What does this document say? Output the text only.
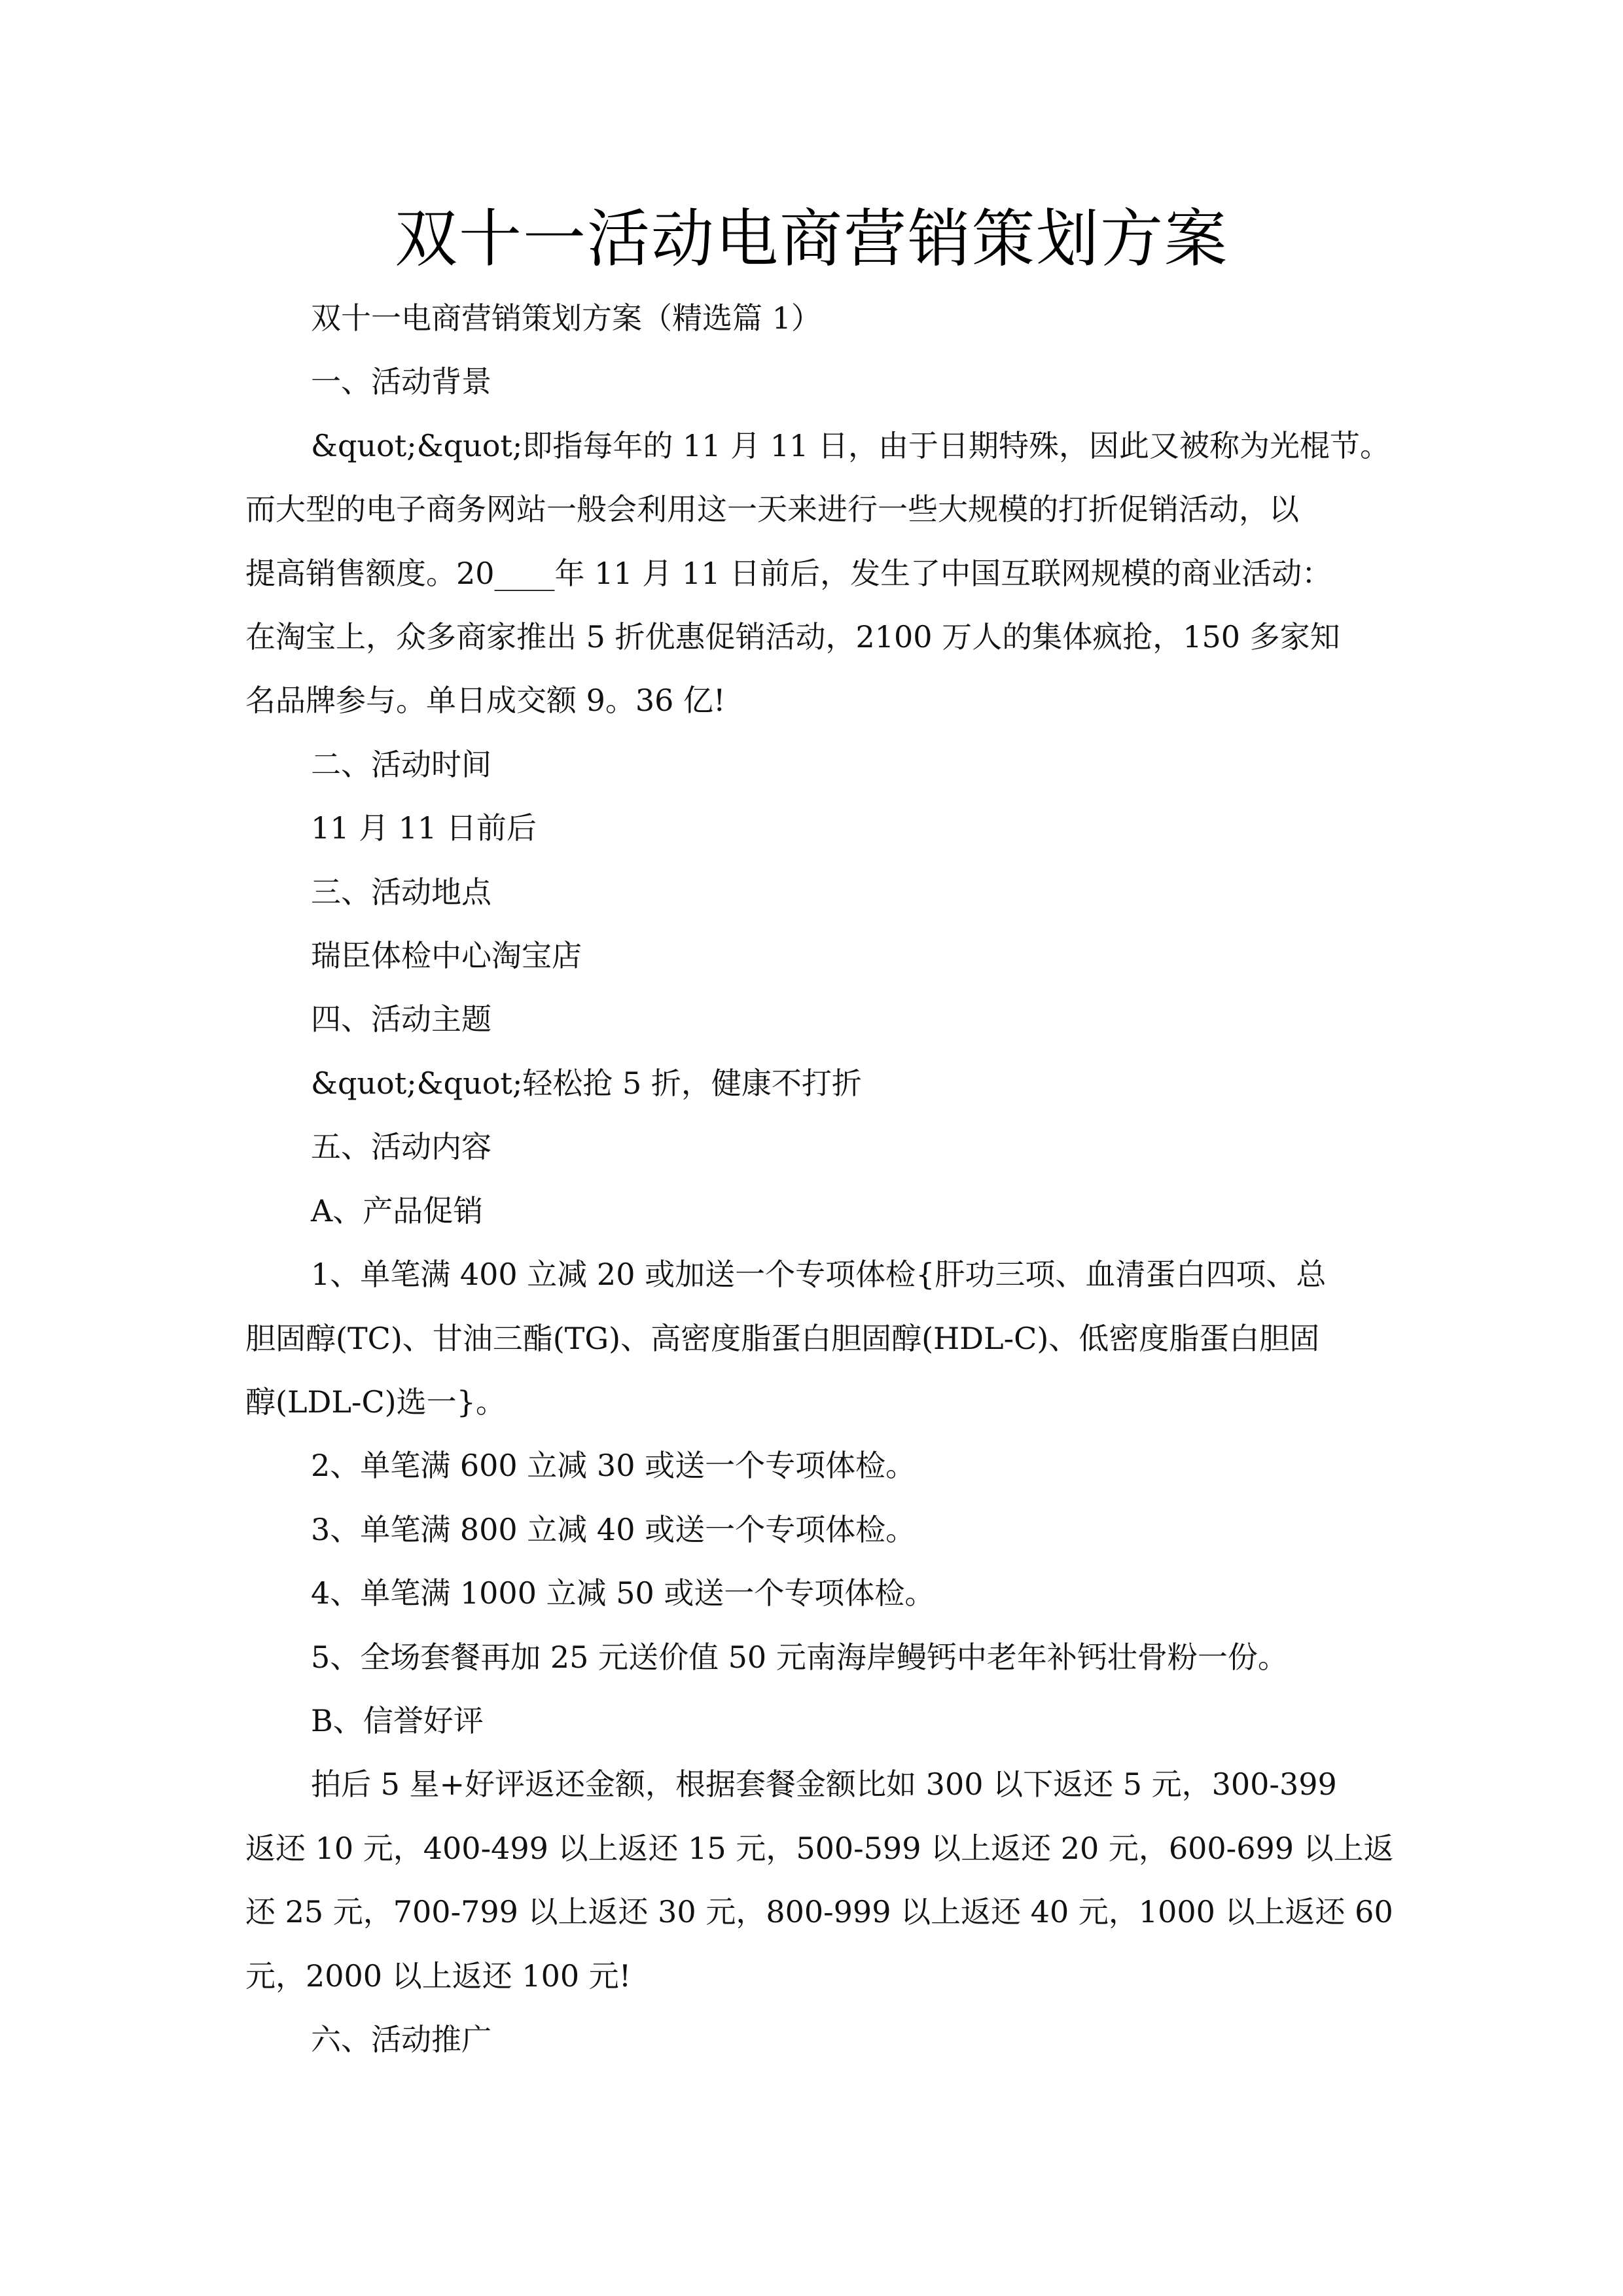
双十一活动电商营销策划方案
双十一电商营销策划方案（精选篇 1）
一、活动背景
&quot;&quot;即指每年的 11 月 11 日，由于日期特殊，因此又被称为光棍节。
而大型的电子商务网站一般会利用这一天来进行一些大规模的打折促销活动，以
提高销售额度。20____年 11 月 11 日前后，发生了中国互联网规模的商业活动：
在淘宝上，众多商家推出 5 折优惠促销活动，2100 万人的集体疯抢，150 多家知
名品牌参与。单日成交额 9。36 亿!
二、活动时间
11 月 11 日前后
三、活动地点
瑞臣体检中心淘宝店
四、活动主题
&quot;&quot;轻松抢 5 折，健康不打折
五、活动内容
A、产品促销
1、单笔满 400 立减 20 或加送一个专项体检{肝功三项、血清蛋白四项、总
胆固醇(TC)、甘油三酯(TG)、高密度脂蛋白胆固醇(HDL-C)、低密度脂蛋白胆固
醇(LDL-C)选一}。
2、单笔满 600 立减 30 或送一个专项体检。
3、单笔满 800 立减 40 或送一个专项体检。
4、单笔满 1000 立减 50 或送一个专项体检。
5、全场套餐再加 25 元送价值 50 元南海岸鳗钙中老年补钙壮骨粉一份。
B、信誉好评
拍后 5 星+好评返还金额，根据套餐金额比如 300 以下返还 5 元，300-399
返还 10 元，400-499 以上返还 15 元，500-599 以上返还 20 元，600-699 以上返
还 25 元，700-799 以上返还 30 元，800-999 以上返还 40 元，1000 以上返还 60
元，2000 以上返还 100 元!
六、活动推广
